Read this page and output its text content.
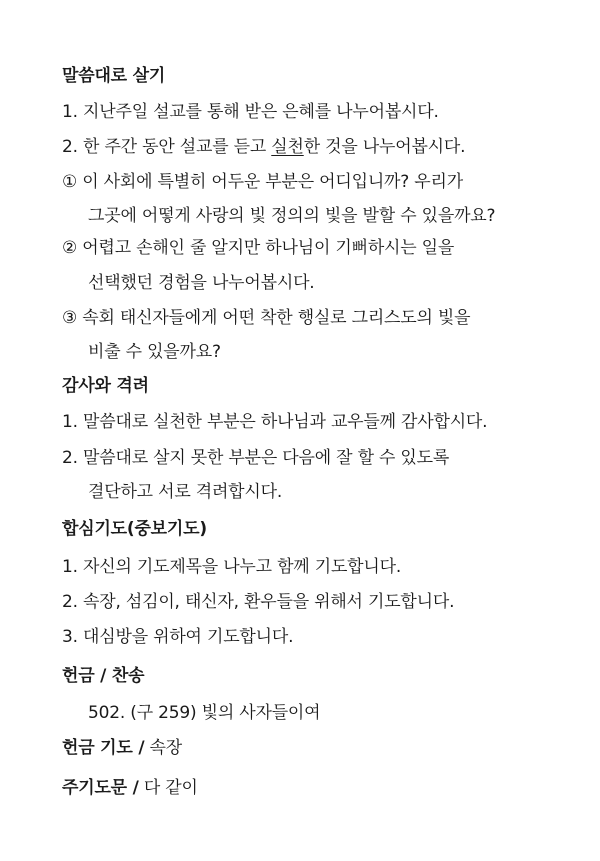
말씀대로 살기
1. 지난주일 설교를 통해 받은 은혜를 나누어봅시다.
2. 한 주간 동안 설교를 듣고 실천한 것을 나누어봅시다.
① 이 사회에 특별히 어두운 부분은 어디입니까? 우리가
그곳에 어떻게 사랑의 빛 정의의 빛을 발할 수 있을까요?
② 어렵고 손해인 줄 알지만 하나님이 기뻐하시는 일을
선택했던 경험을 나누어봅시다.
③ 속회 태신자들에게 어떤 착한 행실로 그리스도의 빛을
비출 수 있을까요?
감사와 격려
1. 말씀대로 실천한 부분은 하나님과 교우들께 감사합시다.
2. 말씀대로 살지 못한 부분은 다음에 잘 할 수 있도록
결단하고 서로 격려합시다.
합심기도(중보기도)
1. 자신의 기도제목을 나누고 함께 기도합니다.
2. 속장, 섬김이, 태신자, 환우들을 위해서 기도합니다.
3. 대심방을 위하여 기도합니다.
헌금 / 찬송
502. (구 259) 빛의 사자들이여
헌금 기도 / 속장
주기도문 / 다 같이
